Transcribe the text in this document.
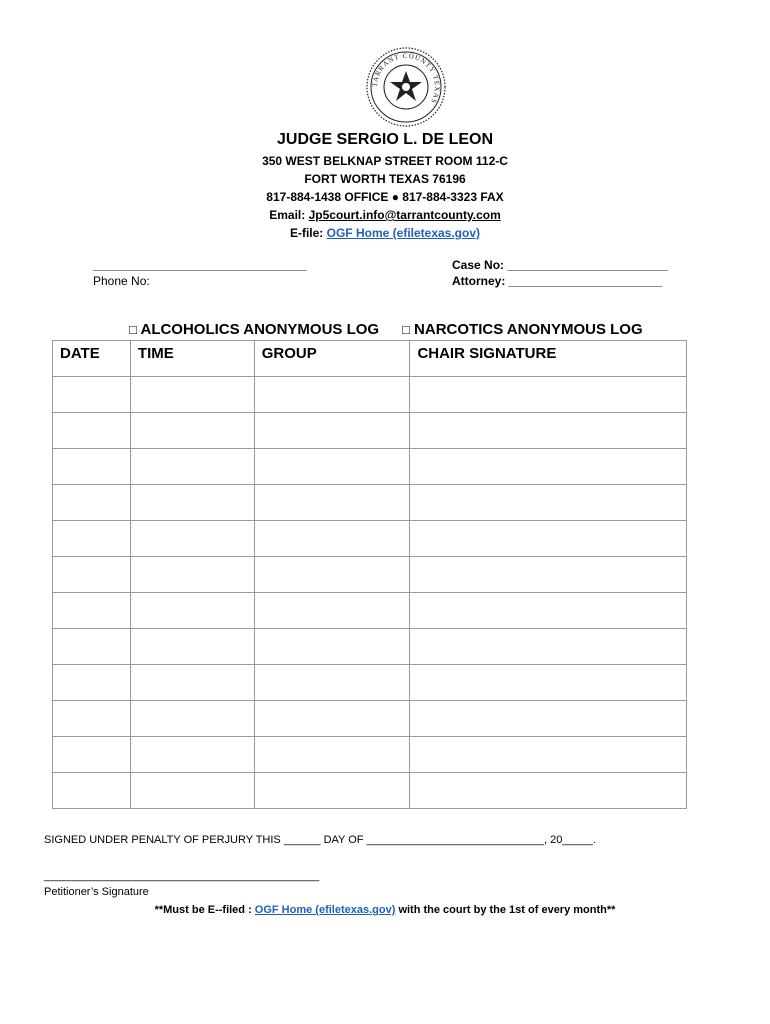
TARRANT COUNTY TEXAS
JUDGE SERGIO L. DE LEON
350 WEST BELKNAP STREET ROOM 112-C
FORT WORTH TEXAS 76196
817-884-1438 OFFICE ● 817-884-3323 FAX
Email: Jp5court.info@tarrantcounty.com
E-file: OGF Home (efiletexas.gov)
________________________________
Phone No:
Case No: ________________________
Attorney: _______________________
□ ALCOHOLICS ANONYMOUS LOG □ NARCOTICS ANONYMOUS LOG
DATE	TIME	GROUP	CHAIR SIGNATURE

SIGNED UNDER PENALTY OF PERJURY THIS ______ DAY OF _____________________________, 20_____.
_____________________________________________
Petitioner’s Signature
**Must be E--filed : OGF Home (efiletexas.gov) with the court by the 1st of every month**
